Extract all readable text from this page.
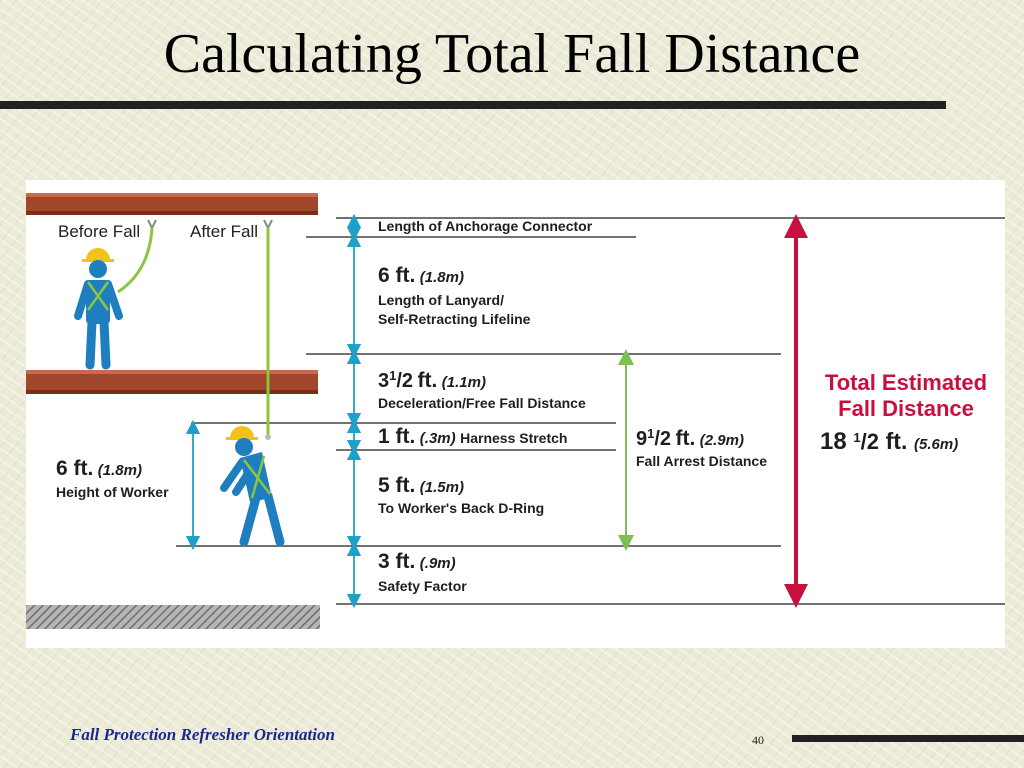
Calculating Total Fall Distance
Before Fall	After Fall	Length of Anchorage Connector
6 ft. (1.8m)
Length of Lanyard/
Self-Retracting Lifeline
$3^1/2$ ft. (1.1m)
Deceleration/Free Fall Distance
1 ft. (.3m) Harness Stretch
5 ft. (1.5m)
To Worker's Back D-Ring
3 ft. (.9m)
Safety Factor
6 ft. (1.8m)
Height of Worker
$9^1/2$ ft. (2.9m)
Fall Arrest Distance
Total Estimated
Fall Distance
18 $^1$/2 ft. (5.6m)
Fall Protection Refresher Orientation	40
